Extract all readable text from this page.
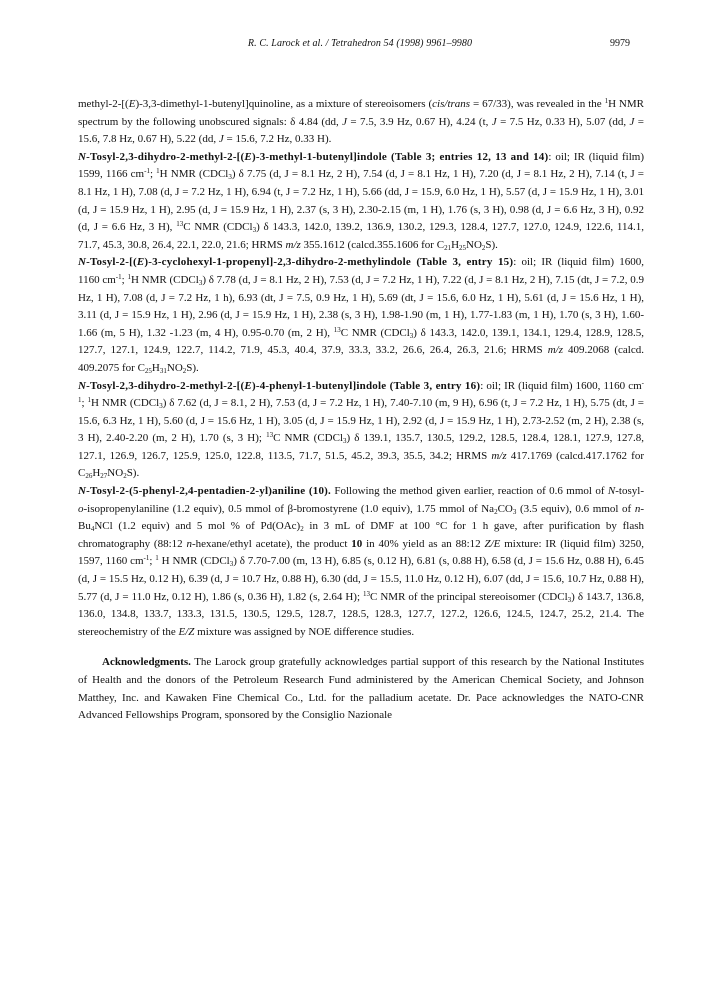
R. C. Larock et al. / Tetrahedron 54 (1998) 9961–9980	9979

methyl-2-[(E)-3,3-dimethyl-1-butenyl]quinoline, as a mixture of stereoisomers (cis/trans = 67/33), was revealed in the $^1$H NMR spectrum by the following unobscured signals: δ 4.84 (dd, J = 7.5, 3.9 Hz, 0.67 H), 4.24 (t, J = 7.5 Hz, 0.33 H), 5.07 (dd, J = 15.6, 7.8 Hz, 0.67 H), 5.22 (dd, J = 15.6, 7.2 Hz, 0.33 H).

N-Tosyl-2,3-dihydro-2-methyl-2-[(E)-3-methyl-1-butenyl]indole (Table 3; entries 12, 13 and 14): oil; IR (liquid film) 1599, 1166 $cm^{-1}$; $^1$H NMR (CDCl$_3$) δ 7.75 (d, J = 8.1 Hz, 2 H), 7.54 (d, J = 8.1 Hz, 1 H), 7.20 (d, J = 8.1 Hz, 2 H), 7.14 (t, J = 8.1 Hz, 1 H), 7.08 (d, J = 7.2 Hz, 1 H), 6.94 (t, J = 7.2 Hz, 1 H), 5.66 (dd, J = 15.9, 6.0 Hz, 1 H), 5.57 (d, J = 15.9 Hz, 1 H), 3.01 (d, J = 15.9 Hz, 1 H), 2.95 (d, J = 15.9 Hz, 1 H), 2.37 (s, 3 H), 2.30-2.15 (m, 1 H), 1.76 (s, 3 H), 0.98 (d, J = 6.6 Hz, 3 H), 0.92 (d, J = 6.6 Hz, 3 H), $^{13}$C NMR (CDCl$_3$) δ 143.3, 142.0, 139.2, 136.9, 130.2, 129.3, 128.4, 127.7, 127.0, 124.9, 122.6, 114.1, 71.7, 45.3, 30.8, 26.4, 22.1, 22.0, 21.6; HRMS m/z 355.1612 (calcd.355.1606 for $C_{21}H_{25}NO_2S$).

N-Tosyl-2-[(E)-3-cyclohexyl-1-propenyl]-2,3-dihydro-2-methylindole (Table 3, entry 15): oil; IR (liquid film) 1600, 1160 $cm^{-1}$; $^1$H NMR (CDCl$_3$) δ 7.78 (d, J = 8.1 Hz, 2 H), 7.53 (d, J = 7.2 Hz, 1 H), 7.22 (d, J = 8.1 Hz, 2 H), 7.15 (dt, J = 7.2, 0.9 Hz, 1 H), 7.08 (d, J = 7.2 Hz, 1 h), 6.93 (dt, J = 7.5, 0.9 Hz, 1 H), 5.69 (dt, J = 15.6, 6.0 Hz, 1 H), 5.61 (d, J = 15.6 Hz, 1 H), 3.11 (d, J = 15.9 Hz, 1 H), 2.96 (d, J = 15.9 Hz, 1 H), 2.38 (s, 3 H), 1.98-1.90 (m, 1 H), 1.77-1.83 (m, 1 H), 1.70 (s, 3 H), 1.60-1.66 (m, 5 H), 1.32 -1.23 (m, 4 H), 0.95-0.70 (m, 2 H), $^{13}$C NMR (CDCl$_3$) δ 143.3, 142.0, 139.1, 134.1, 129.4, 128.9, 128.5, 127.7, 127.1, 124.9, 122.7, 114.2, 71.9, 45.3, 40.4, 37.9, 33.3, 33.2, 26.6, 26.4, 26.3, 21.6; HRMS m/z 409.2068 (calcd. 409.2075 for $C_{25}H_{31}NO_2S$).

N-Tosyl-2,3-dihydro-2-methyl-2-[(E)-4-phenyl-1-butenyl]indole (Table 3, entry 16): oil; IR (liquid film) 1600, 1160 $cm^{-1}$; $^1$H NMR (CDCl$_3$) δ 7.62 (d, J = 8.1, 2 H), 7.53 (d, J = 7.2 Hz, 1 H), 7.40-7.10 (m, 9 H), 6.96 (t, J = 7.2 Hz, 1 H), 5.75 (dt, J = 15.6, 6.3 Hz, 1 H), 5.60 (d, J = 15.6 Hz, 1 H), 3.05 (d, J = 15.9 Hz, 1 H), 2.92 (d, J = 15.9 Hz, 1 H), 2.73-2.52 (m, 2 H), 2.38 (s, 3 H), 2.40-2.20 (m, 2 H), 1.70 (s, 3 H); $^{13}$C NMR (CDCl$_3$) δ 139.1, 135.7, 130.5, 129.2, 128.5, 128.4, 128.1, 127.9, 127.8, 127.1, 126.9, 126.7, 125.9, 125.0, 122.8, 113.5, 71.7, 51.5, 45.2, 39.3, 35.5, 34.2; HRMS m/z 417.1769 (calcd.417.1762 for $C_{26}H_{27}NO_2S$).

N-Tosyl-2-(5-phenyl-2,4-pentadien-2-yl)aniline (10). Following the method given earlier, reaction of 0.6 mmol of N-tosyl-o-isopropenylaniline (1.2 equiv), 0.5 mmol of β-bromostyrene (1.0 equiv), 1.75 mmol of $Na_2CO_3$ (3.5 equiv), 0.6 mmol of $n-Bu_4NCl$ (1.2 equiv) and 5 mol % of $Pd(OAc)_2$ in 3 mL of DMF at 100 °C for 1 h gave, after purification by flash chromatography (88:12 n-hexane/ethyl acetate), the product 10 in 40% yield as an 88:12 Z/E mixture: IR (liquid film) 3250, 1597, 1160 $cm^{-1}$; $^1$ H NMR (CDCl$_3$) δ 7.70-7.00 (m, 13 H), 6.85 (s, 0.12 H), 6.81 (s, 0.88 H), 6.58 (d, J = 15.6 Hz, 0.88 H), 6.45 (d, J = 15.5 Hz, 0.12 H), 6.39 (d, J = 10.7 Hz, 0.88 H), 6.30 (dd, J = 15.5, 11.0 Hz, 0.12 H), 6.07 (dd, J = 15.6, 10.7 Hz, 0.88 H), 5.77 (d, J = 11.0 Hz, 0.12 H), 1.86 (s, 0.36 H), 1.82 (s, 2.64 H); $^{13}$C NMR of the principal stereoisomer (CDCl$_3$) δ 143.7, 136.8, 136.0, 134.8, 133.7, 133.3, 131.5, 130.5, 129.5, 128.7, 128.5, 128.3, 127.7, 127.2, 126.6, 124.5, 124.7, 25.2, 21.4. The stereochemistry of the E/Z mixture was assigned by NOE difference studies.

Acknowledgments. The Larock group gratefully acknowledges partial support of this research by the National Institutes of Health and the donors of the Petroleum Research Fund administered by the American Chemical Society, and Johnson Matthey, Inc. and Kawaken Fine Chemical Co., Ltd. for the palladium acetate. Dr. Pace acknowledges the NATO-CNR Advanced Fellowships Program, sponsored by the Consiglio Nazionale
